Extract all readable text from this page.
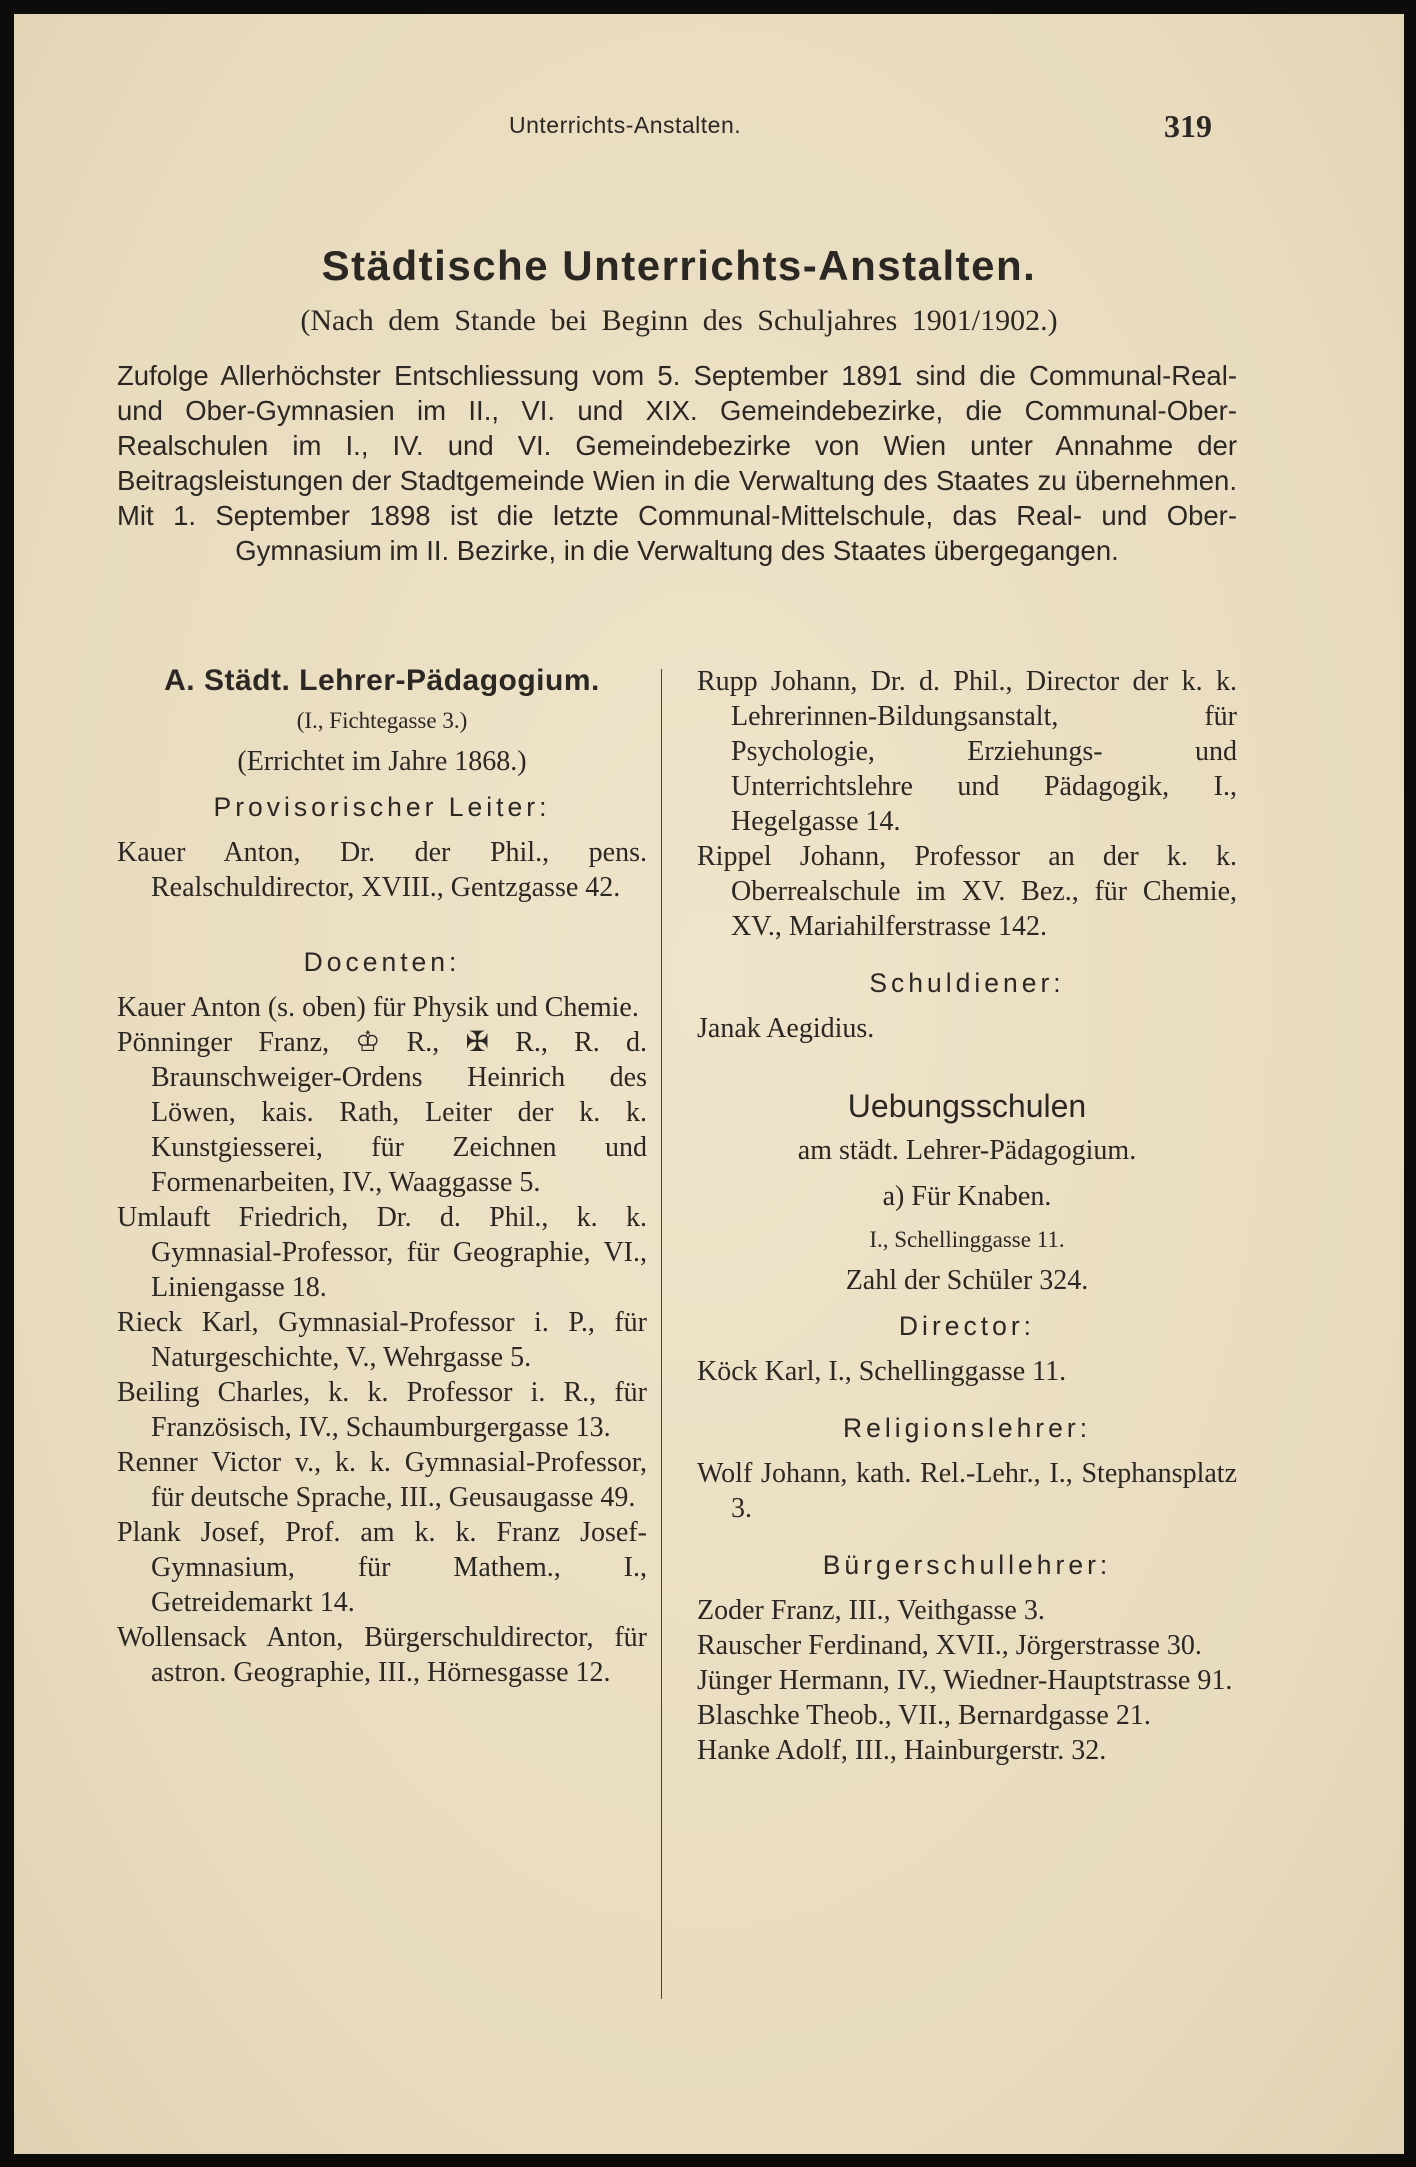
Unterrichts-Anstalten.	319
Städtische Unterrichts-Anstalten.
(Nach dem Stande bei Beginn des Schuljahres 1901/1902.)
Zufolge Allerhöchster Entschliessung vom 5. September 1891 sind die Communal-Real- und Ober-Gymnasien im II., VI. und XIX. Gemeindebezirke, die Communal-Ober-Realschulen im I., IV. und VI. Gemeindebezirke von Wien unter Annahme der Beitragsleistungen der Stadtgemeinde Wien in die Verwaltung des Staates zu übernehmen. Mit 1. September 1898 ist die letzte Communal-Mittelschule, das Real- und Ober-Gymnasium im II. Bezirke, in die Verwaltung des Staates übergegangen.
A. Städt. Lehrer-Pädagogium.
(I., Fichtegasse 3.)
(Errichtet im Jahre 1868.)
Provisorischer Leiter:
Kauer Anton, Dr. der Phil., pens. Realschuldirector, XVIII., Gentzgasse 42.
Docenten:
Kauer Anton (s. oben) für Physik und Chemie.
Pönninger Franz, ♔ R., ✠ R., R. d. Braunschweiger-Ordens Heinrich des Löwen, kais. Rath, Leiter der k. k. Kunstgiesserei, für Zeichnen und Formenarbeiten, IV., Waaggasse 5.
Umlauft Friedrich, Dr. d. Phil., k. k. Gymnasial-Professor, für Geographie, VI., Liniengasse 18.
Rieck Karl, Gymnasial-Professor i. P., für Naturgeschichte, V., Wehrgasse 5.
Beiling Charles, k. k. Professor i. R., für Französisch, IV., Schaumburgergasse 13.
Renner Victor v., k. k. Gymnasial-Professor, für deutsche Sprache, III., Geusaugasse 49.
Plank Josef, Prof. am k. k. Franz Josef-Gymnasium, für Mathem., I., Getreidemarkt 14.
Wollensack Anton, Bürgerschuldirector, für astron. Geographie, III., Hörnesgasse 12.
Rupp Johann, Dr. d. Phil., Director der k. k. Lehrerinnen-Bildungsanstalt, für Psychologie, Erziehungs- und Unterrichtslehre und Pädagogik, I., Hegelgasse 14.
Rippel Johann, Professor an der k. k. Oberrealschule im XV. Bez., für Chemie, XV., Mariahilferstrasse 142.
Schuldiener:
Janak Aegidius.
Uebungsschulen
am städt. Lehrer-Pädagogium.
a) Für Knaben.
I., Schellinggasse 11.
Zahl der Schüler 324.
Director:
Köck Karl, I., Schellinggasse 11.
Religionslehrer:
Wolf Johann, kath. Rel.-Lehr., I., Stephansplatz 3.
Bürgerschullehrer:
Zoder Franz, III., Veithgasse 3.
Rauscher Ferdinand, XVII., Jörgerstrasse 30.
Jünger Hermann, IV., Wiedner-Hauptstrasse 91.
Blaschke Theob., VII., Bernardgasse 21.
Hanke Adolf, III., Hainburgerstr. 32.
